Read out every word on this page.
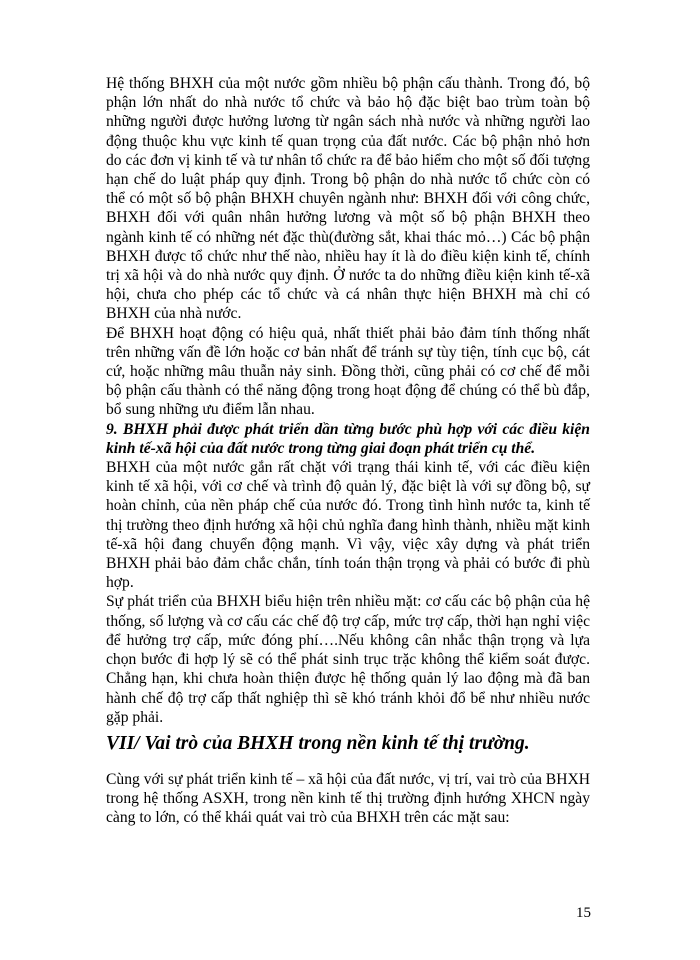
Hệ thống BHXH của một nước gồm nhiều bộ phận cấu thành. Trong đó, bộ phận lớn nhất do nhà nước tổ chức và bảo hộ đặc biệt bao trùm toàn bộ những người được hưởng lương từ ngân sách nhà nước và những người lao động thuộc khu vực kinh tế quan trọng của đất nước. Các bộ phận nhỏ hơn do các đơn vị kinh tế và tư nhân tổ chức ra để bảo hiểm cho một số đối tượng hạn chế do luật pháp quy định. Trong bộ phận do nhà nước tổ chức còn có thể có một số bộ phận BHXH chuyên ngành như: BHXH đối với công chức, BHXH đối với quân nhân hưởng lương và một số bộ phận BHXH theo ngành kinh tế có những nét đặc thù(đường sắt, khai thác mỏ…) Các bộ phận BHXH được tổ chức như thế nào, nhiều hay ít là do điều kiện kinh tế, chính trị xã hội và do nhà nước quy định. Ở nước ta do những điều kiện kinh tế-xã hội, chưa cho phép các tổ chức và cá nhân thực hiện BHXH mà chỉ có BHXH của nhà nước.

Để BHXH hoạt động có hiệu quả, nhất thiết phải bảo đảm tính thống nhất trên những vấn đề lớn hoặc cơ bản nhất để tránh sự tùy tiện, tính cục bộ, cát cứ, hoặc những mâu thuẫn nảy sinh. Đồng thời, cũng phải có cơ chế để mỗi bộ phận cấu thành có thể năng động trong hoạt động để chúng có thể bù đắp, bổ sung những ưu điểm lẫn nhau.

9. BHXH phải được phát triển dần từng bước phù hợp với các điều kiện kinh tế-xã hội của đất nước trong từng giai đoạn phát triển cụ thể.

BHXH của một nước gắn rất chặt với trạng thái kinh tế, với các điều kiện kinh tế xã hội, với cơ chế và trình độ quản lý, đặc biệt là với sự đồng bộ, sự hoàn chỉnh, của nền pháp chế của nước đó. Trong tình hình nước ta, kinh tế thị trường theo định hướng xã hội chủ nghĩa đang hình thành, nhiều mặt kinh tế-xã hội đang chuyển động mạnh. Vì vậy, việc xây dựng và phát triển BHXH phải bảo đảm chắc chắn, tính toán thận trọng và phải có bước đi phù hợp.

Sự phát triển của BHXH biểu hiện trên nhiều mặt: cơ cấu các bộ phận của hệ thống, số lượng và cơ cấu các chế độ trợ cấp, mức trợ cấp, thời hạn nghỉ việc để hưởng trợ cấp, mức đóng phí….Nếu không cân nhắc thận trọng và lựa chọn bước đi hợp lý sẽ có thể phát sinh trục trặc không thể kiểm soát được. Chẳng hạn, khi chưa hoàn thiện được hệ thống quản lý lao động mà đã ban hành chế độ trợ cấp thất nghiệp thì sẽ khó tránh khỏi đổ bể như nhiều nước gặp phải.

VII/ Vai trò của BHXH trong nền kinh tế thị trường.

Cùng với sự phát triển kinh tế – xã hội của đất nước, vị trí, vai trò của BHXH trong hệ thống ASXH, trong nền kinh tế thị trường định hướng XHCN ngày càng to lớn, có thể khái quát vai trò của BHXH trên các mặt sau:

15
